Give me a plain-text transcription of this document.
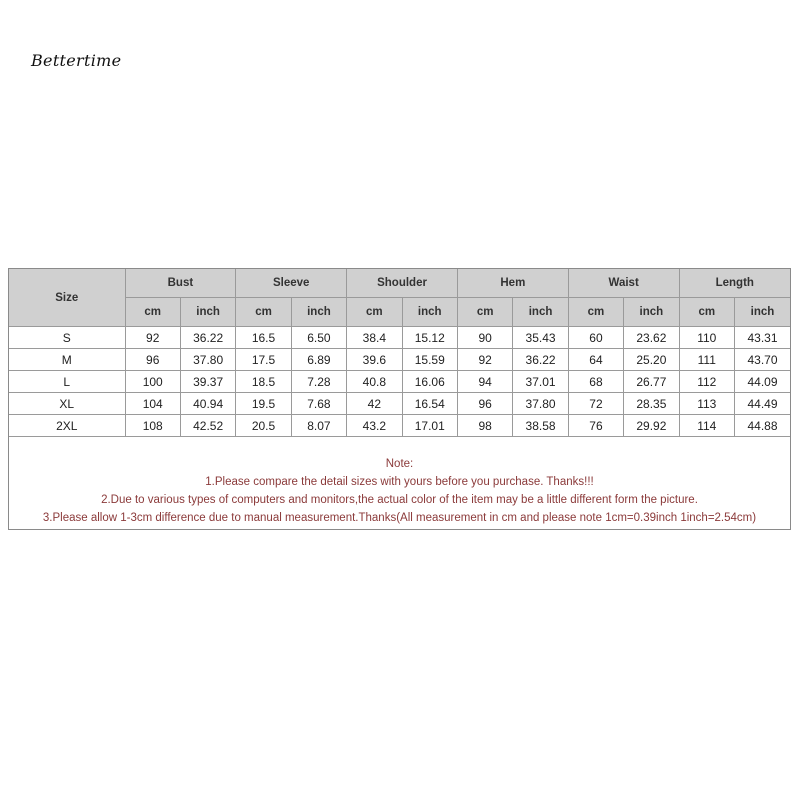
Bettertime
Size	Bust		Sleeve		Shoulder		Hem		Waist		Length	
	cm	inch	cm	inch	cm	inch	cm	inch	cm	inch	cm	inch
S	92	36.22	16.5	6.50	38.4	15.12	90	35.43	60	23.62	110	43.31
M	96	37.80	17.5	6.89	39.6	15.59	92	36.22	64	25.20	111	43.70
L	100	39.37	18.5	7.28	40.8	16.06	94	37.01	68	26.77	112	44.09
XL	104	40.94	19.5	7.68	42	16.54	96	37.80	72	28.35	113	44.49
2XL	108	42.52	20.5	8.07	43.2	17.01	98	38.58	76	29.92	114	44.88
Note:
1.Please compare the detail sizes with yours before you purchase. Thanks!!!
2.Due to various types of computers and monitors,the actual color of the item may be a little different form the picture.
3.Please allow 1-3cm difference due to manual measurement.Thanks(All measurement in cm and please note 1cm=0.39inch 1inch=2.54cm)
